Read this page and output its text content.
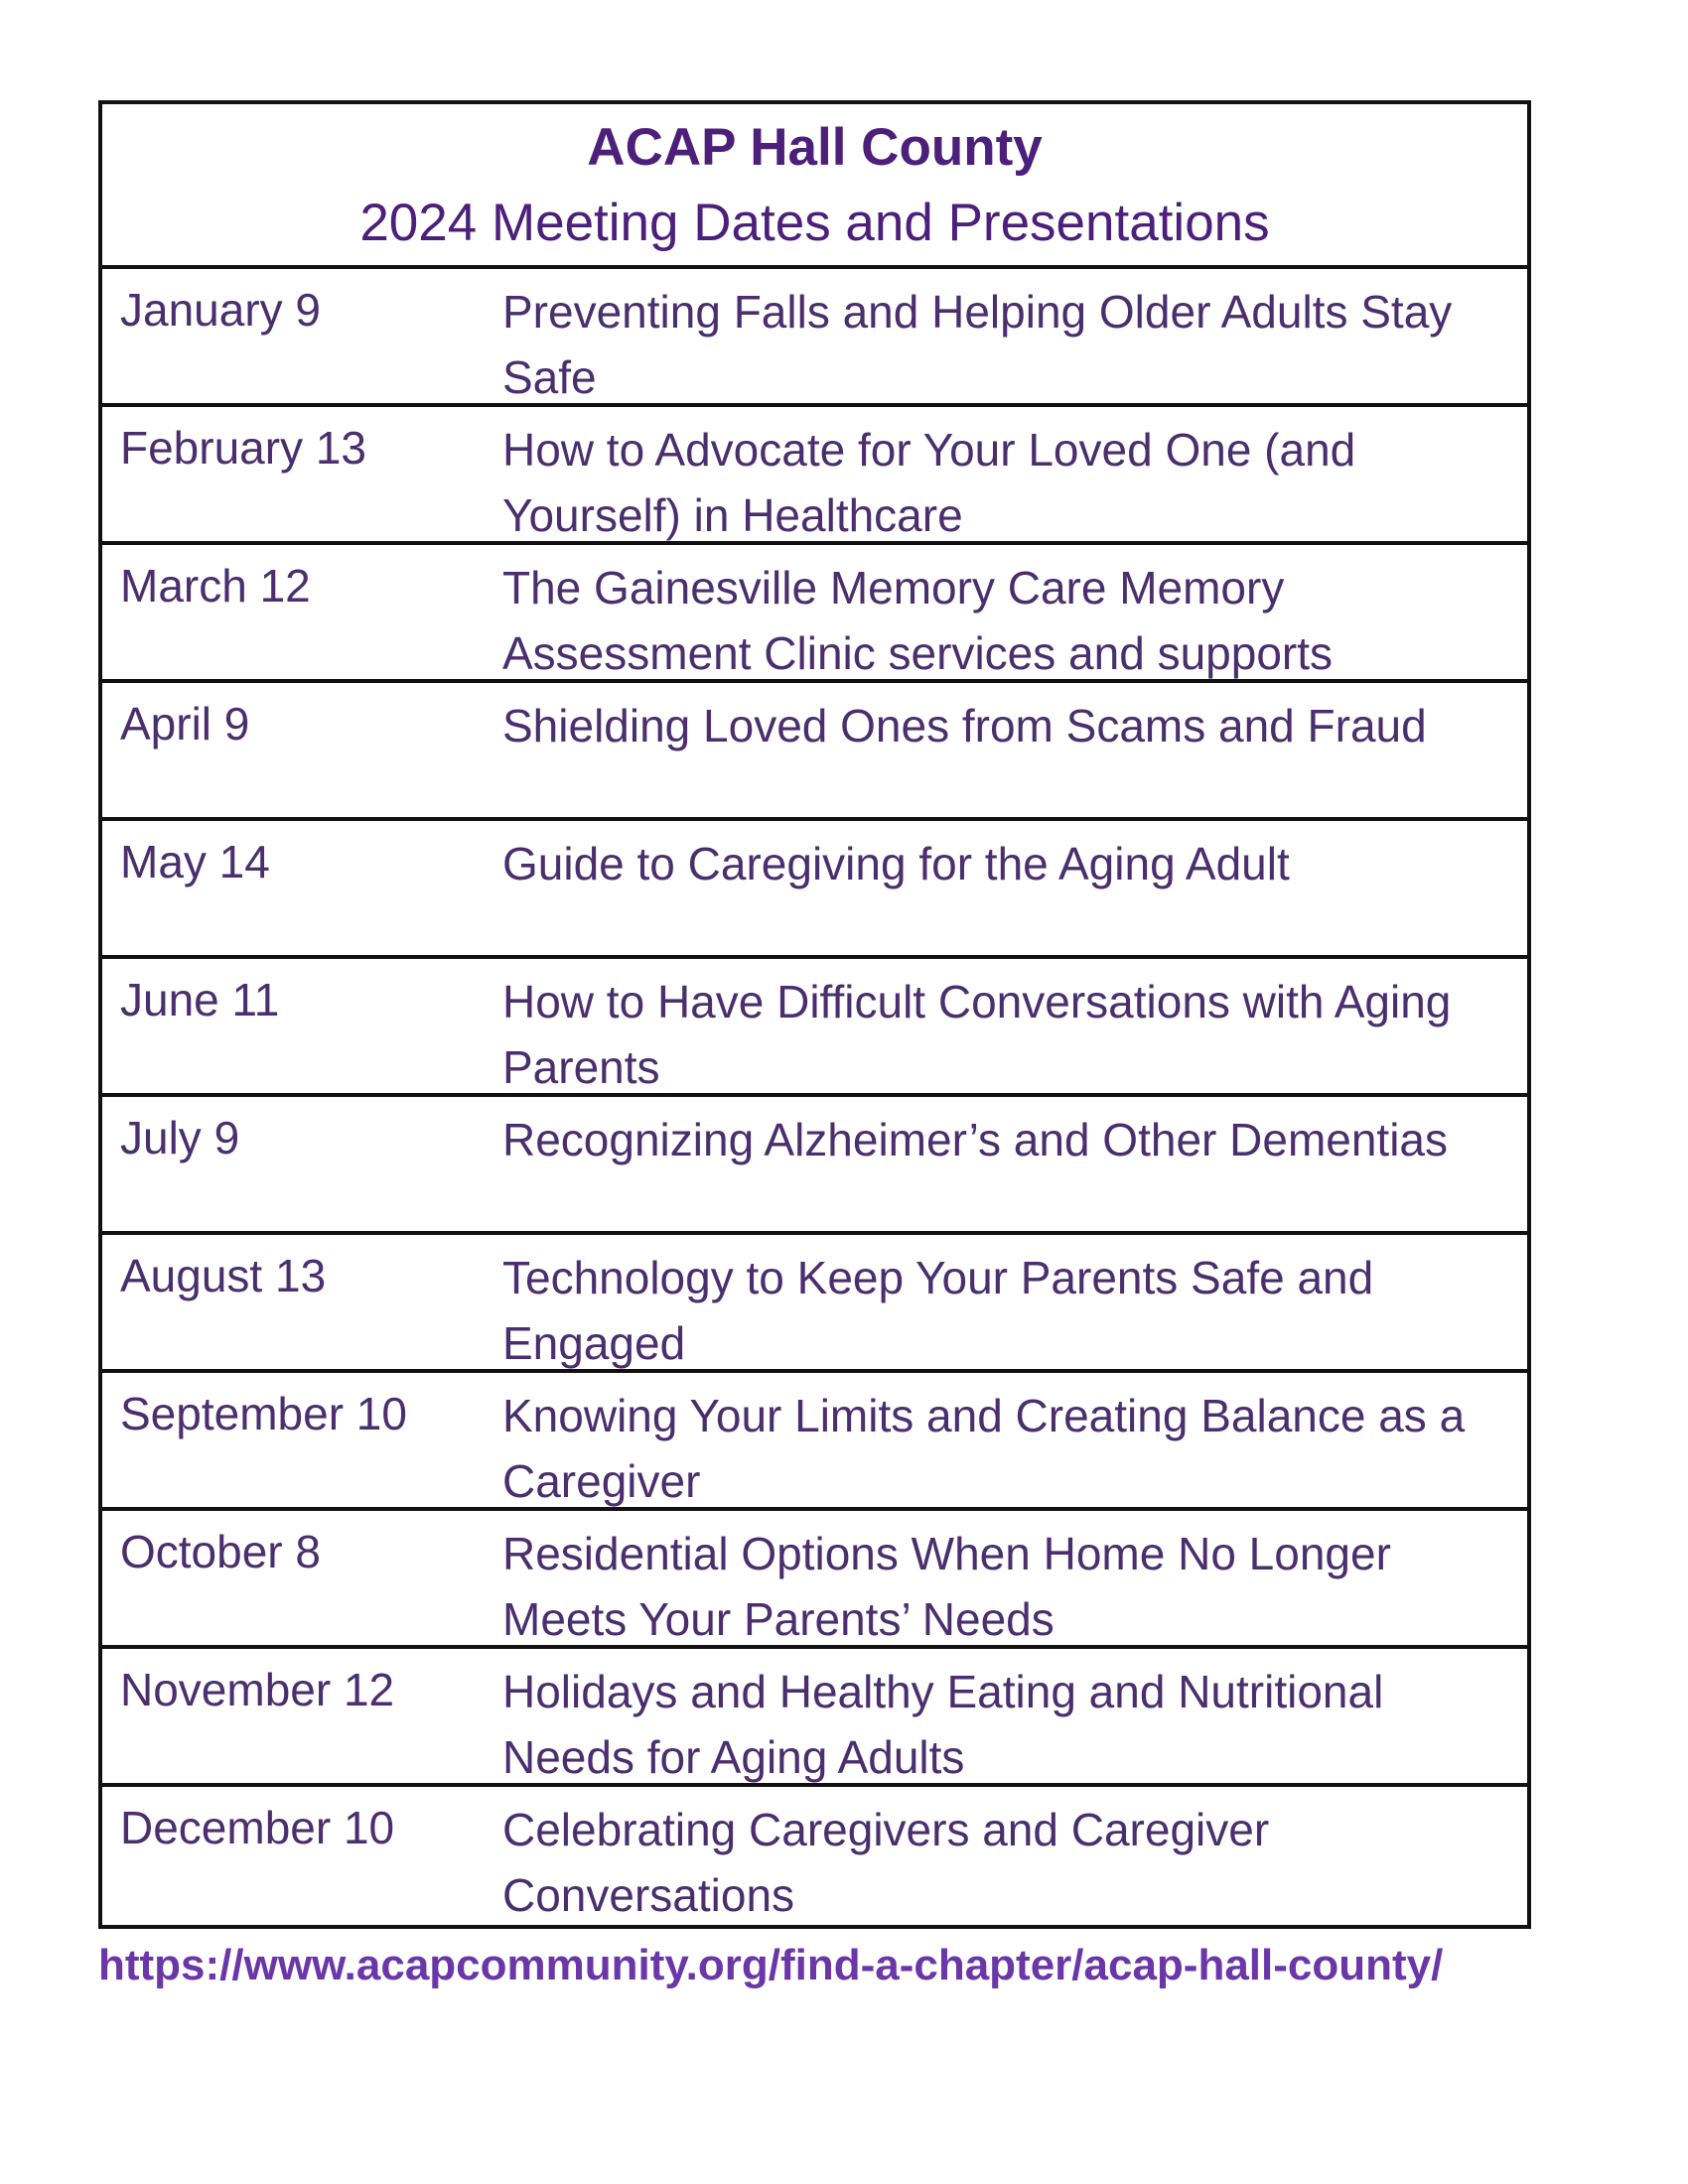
ACAP Hall County
2024 Meeting Dates and Presentations
January 9	Preventing Falls and Helping Older Adults Stay Safe
February 13	How to Advocate for Your Loved One (and Yourself) in Healthcare
March 12	The Gainesville Memory Care Memory Assessment Clinic services and supports
April 9	Shielding Loved Ones from Scams and Fraud
May 14	Guide to Caregiving for the Aging Adult
June 11	How to Have Difficult Conversations with Aging Parents
July 9	Recognizing Alzheimer’s and Other Dementias
August 13	Technology to Keep Your Parents Safe and Engaged
September 10 Knowing Your Limits and Creating Balance as a Caregiver
October 8	Residential Options When Home No Longer Meets Your Parents’ Needs
November 12 Holidays and Healthy Eating and Nutritional Needs for Aging Adults
December 10 Celebrating Caregivers and Caregiver Conversations
https://www.acapcommunity.org/find-a-chapter/acap-hall-county/
